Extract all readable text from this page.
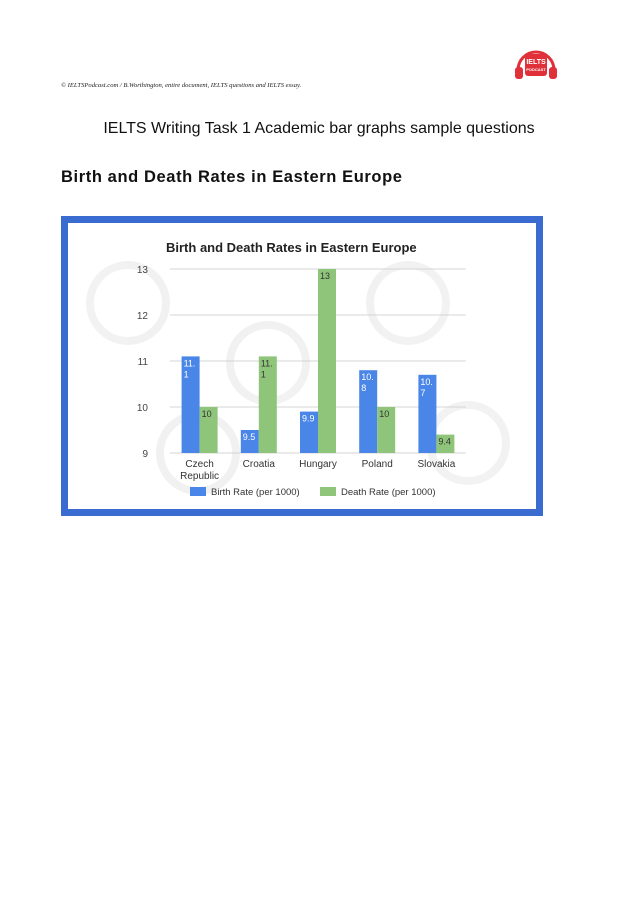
© IELTSPodcast.com / B.Worthington, entire document, IELTS questions and IELTS essay.
IELTS
PODCAST
IELTS Writing Task 1 Academic bar graphs sample questions
Birth and Death Rates in Eastern Europe
Birth and Death Rates in Eastern Europe
9
10
11
12
13
11.
1
10
Czech
Republic
9.5
11.
1
Croatia
9.9
13
Hungary
10.
8
10
Poland
10.
7
9.4
Slovakia
Birth Rate (per 1000)	Death Rate (per 1000)
